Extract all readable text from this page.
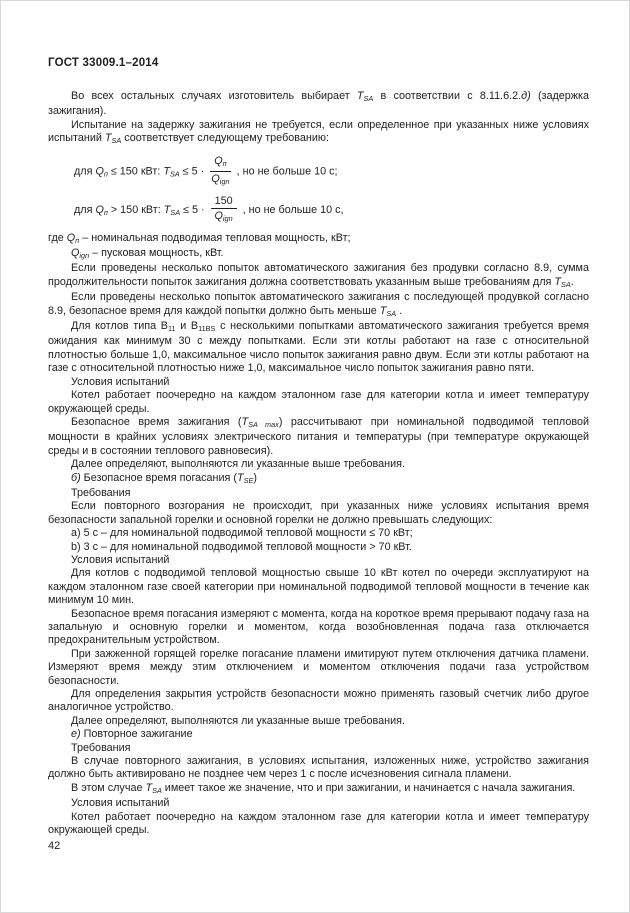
ГОСТ 33009.1–2014
Во всех остальных случаях изготовитель выбирает $T_{SA}$ в соответствии с 8.11.6.2.д) (задержка зажигания).
Испытание на задержку зажигания не требуется, если определенное при указанных ниже условиях испытаний $T_{SA}$ соответствует следующему требованию:
для $Q_п \le 150$ кВт: $T_{SA} \le 5 \cdot \frac{Q_п}{Q_{ign}}$ , но не больше 10 с;
для $Q_п > 150$ кВт: $T_{SA} \le 5 \cdot \frac{150}{Q_{ign}}$ , но не больше 10 с,
где $Q_п$ – номинальная подводимая тепловая мощность, кВт;
$Q_{ign}$ – пусковая мощность, кВт.
Если проведены несколько попыток автоматического зажигания без продувки согласно 8.9, сумма продолжительности попыток зажигания должна соответствовать указанным выше требованиям для $T_{SA}$.
Если проведены несколько попыток автоматического зажигания с последующей продувкой согласно 8.9, безопасное время для каждой попытки должно быть меньше $T_{SA}$ .
Для котлов типа $В_{11}$ и $В_{11BS}$ с несколькими попытками автоматического зажигания требуется время ожидания как минимум 30 с между попытками. Если эти котлы работают на газе с относительной плотностью больше 1,0, максимальное число попыток зажигания равно двум. Если эти котлы работают на газе с относительной плотностью ниже 1,0, максимальное число попыток зажигания равно пяти.
Условия испытаний
Котел работает поочередно на каждом эталонном газе для категории котла и имеет температуру окружающей среды.
Безопасное время зажигания $(T_{SA max})$ рассчитывают при номинальной подводимой тепловой мощности в крайних условиях электрического питания и температуры (при температуре окружающей среды и в состоянии теплового равновесия).
Далее определяют, выполняются ли указанные выше требования.
б) Безопасное время погасания $(T_{SE})$
Требования
Если повторного возгорания не происходит, при указанных ниже условиях испытания время безопасности запальной горелки и основной горелки не должно превышать следующих:
a) 5 с – для номинальной подводимой тепловой мощности ≤ 70 кВт;
b) 3 с – для номинальной подводимой тепловой мощности > 70 кВт.
Условия испытаний
Для котлов с подводимой тепловой мощностью свыше 10 кВт котел по очереди эксплуатируют на каждом эталонном газе своей категории при номинальной подводимой тепловой мощности в течение как минимум 10 мин.
Безопасное время погасания измеряют с момента, когда на короткое время прерывают подачу газа на запальную и основную горелки и моментом, когда возобновленная подача газа отключается предохранительным устройством.
При зажженной горящей горелке погасание пламени имитируют путем отключения датчика пламени. Измеряют время между этим отключением и моментом отключения подачи газа устройством безопасности.
Для определения закрытия устройств безопасности можно применять газовый счетчик либо другое аналогичное устройство.
Далее определяют, выполняются ли указанные выше требования.
е) Повторное зажигание
Требования
В случае повторного зажигания, в условиях испытания, изложенных ниже, устройство зажигания должно быть активировано не позднее чем через 1 с после исчезновения сигнала пламени.
В этом случае $T_{SA}$ имеет такое же значение, что и при зажигании, и начинается с начала зажигания.
Условия испытаний
Котел работает поочередно на каждом эталонном газе для категории котла и имеет температуру окружающей среды.
42
